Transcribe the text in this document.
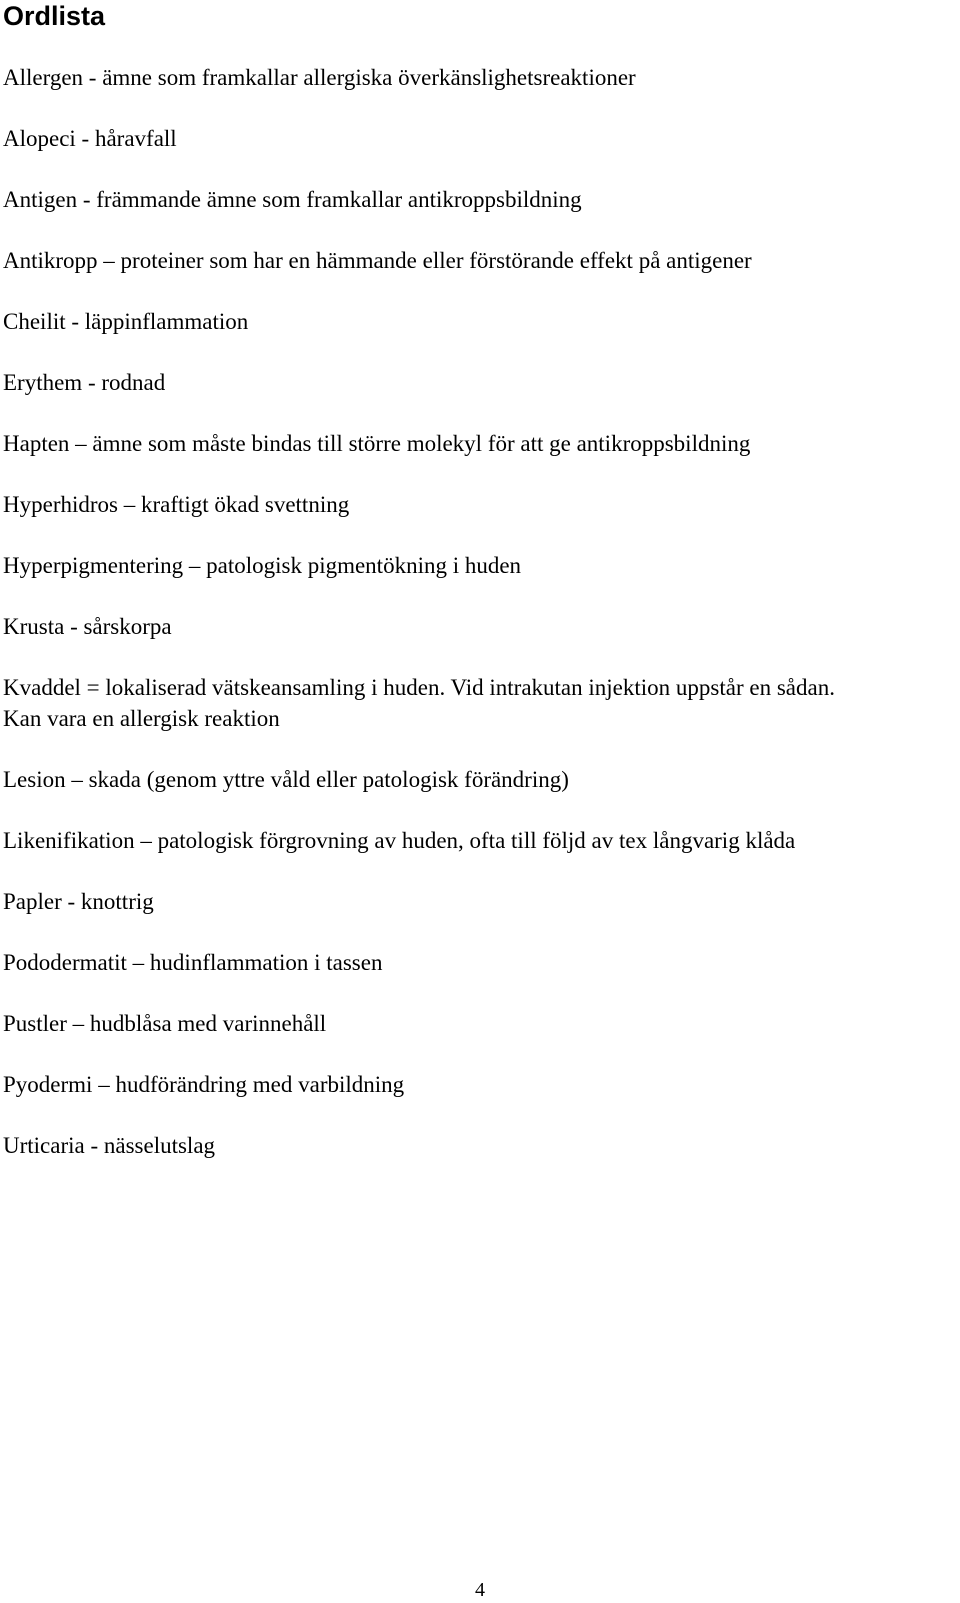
Ordlista
Allergen - ämne som framkallar allergiska överkänslighetsreaktioner
Alopeci - håravfall
Antigen - främmande ämne som framkallar antikroppsbildning
Antikropp – proteiner som har en hämmande eller förstörande effekt på antigener
Cheilit - läppinflammation
Erythem - rodnad
Hapten – ämne som måste bindas till större molekyl för att ge antikroppsbildning
Hyperhidros – kraftigt ökad svettning
Hyperpigmentering – patologisk pigmentökning i huden
Krusta - sårskorpa
Kvaddel = lokaliserad vätskeansamling i huden. Vid intrakutan injektion uppstår en sådan.
Kan vara en allergisk reaktion
Lesion – skada (genom yttre våld eller patologisk förändring)
Likenifikation – patologisk förgrovning av huden, ofta till följd av tex långvarig klåda
Papler - knottrig
Pododermatit – hudinflammation i tassen
Pustler – hudblåsa med varinnehåll
Pyodermi – hudförändring med varbildning
Urticaria - nässelutslag
4
